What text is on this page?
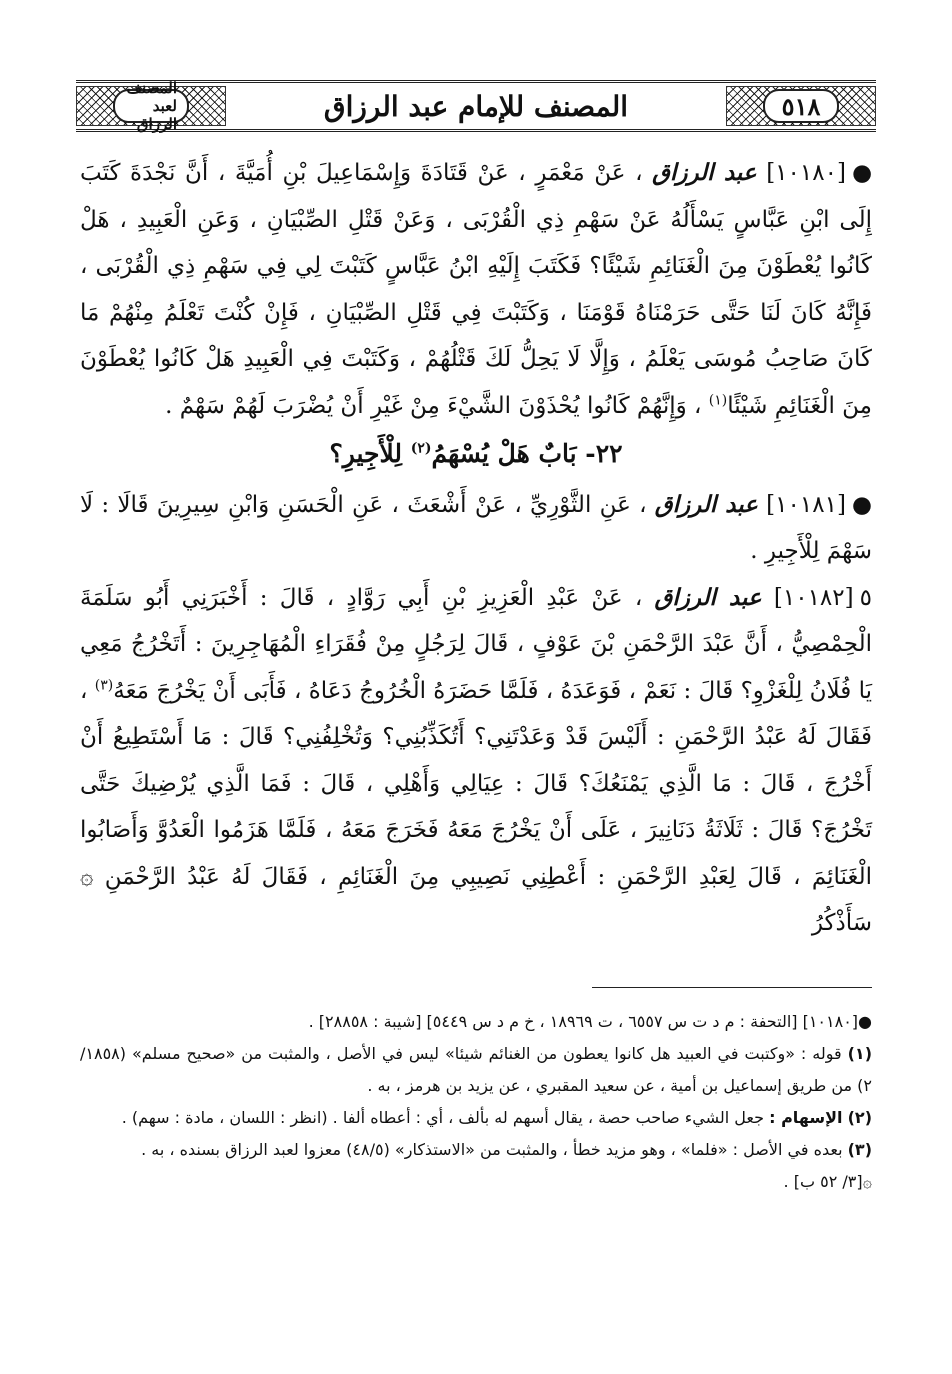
المصنف لعبد الرزاق
المصنف للإمام عبد الرزاق	٥١٨

●[١٠١٨٠] عبد الرزاق ، عَنْ مَعْمَرٍ ، عَنْ قَتَادَةَ وَإِسْمَاعِيلَ بْنِ أُمَيَّةَ ، أَنَّ نَجْدَةَ كَتَبَ إِلَى ابْنِ عَبَّاسٍ يَسْأَلُهُ عَنْ سَهْمِ ذِي الْقُرْبَى ، وَعَنْ قَتْلِ الصِّبْيَانِ ، وَعَنِ الْعَبِيدِ ، هَلْ كَانُوا يُعْطَوْنَ مِنَ الْغَنَائِمِ شَيْئًا؟ فَكَتَبَ إِلَيْهِ ابْنُ عَبَّاسٍ كَتَبْتَ لِي فِي سَهْمِ ذِي الْقُرْبَى ، فَإِنَّهُ كَانَ لَنَا حَتَّى حَرَمْنَاهُ قَوْمَنَا ، وَكَتَبْتَ فِي قَتْلِ الصِّبْيَانِ ، فَإِنْ كُنْتَ تَعْلَمُ مِنْهُمْ مَا كَانَ صَاحِبُ مُوسَى يَعْلَمُ ، وَإِلَّا لَا يَحِلُّ لَكَ قَتْلُهُمْ ، وَكَتَبْتَ فِي الْعَبِيدِ هَلْ كَانُوا يُعْطَوْنَ مِنَ الْغَنَائِمِ شَيْئًا$^{(١)}$ ، وَإِنَّهُمْ كَانُوا يُحْذَوْنَ الشَّيْءَ مِنْ غَيْرِ أَنْ يُضْرَبَ لَهُمْ سَهْمٌ .

٢٢- بَابٌ هَلْ يُسْهَمُ$^{(٢)}$ لِلْأَجِيرِ؟

●[١٠١٨١] عبد الرزاق ، عَنِ الثَّوْرِيِّ ، عَنْ أَشْعَثَ ، عَنِ الْحَسَنِ وَابْنِ سِيرِينَ قَالَا : لَا سَهْمَ لِلْأَجِيرِ .

٥[١٠١٨٢] عبد الرزاق ، عَنْ عَبْدِ الْعَزِيزِ بْنِ أَبِي رَوَّادٍ ، قَالَ : أَخْبَرَنِي أَبُو سَلَمَةَ الْحِمْصِيُّ ، أَنَّ عَبْدَ الرَّحْمَنِ بْنَ عَوْفٍ ، قَالَ لِرَجُلٍ مِنْ فُقَرَاءِ الْمُهَاجِرِينَ : أَتَخْرُجُ مَعِي يَا فُلَانُ لِلْغَزْوِ؟ قَالَ : نَعَمْ ، فَوَعَدَهُ ، فَلَمَّا حَضَرَهُ الْخُرُوجُ دَعَاهُ ، فَأَبَى أَنْ يَخْرُجَ مَعَهُ$^{(٣)}$ ، فَقَالَ لَهُ عَبْدُ الرَّحْمَنِ : أَلَيْسَ قَدْ وَعَدْتَنِي؟ أَتُكَذِّبُنِي؟ وَتُخْلِفُنِي؟ قَالَ : مَا أَسْتَطِيعُ أَنْ أَخْرُجَ ، قَالَ : مَا الَّذِي يَمْنَعُكَ؟ قَالَ : عِيَالِي وَأَهْلِي ، قَالَ : فَمَا الَّذِي يُرْضِيكَ حَتَّى تَخْرُجَ؟ قَالَ : ثَلَاثَةُ دَنَانِيرَ ، عَلَى أَنْ يَخْرُجَ مَعَهُ فَخَرَجَ مَعَهُ ، فَلَمَّا هَزَمُوا الْعَدُوَّ وَأَصَابُوا الْغَنَائِمَ ، قَالَ لِعَبْدِ الرَّحْمَنِ : أَعْطِنِي نَصِيبِي مِنَ الْغَنَائِمِ ، فَقَالَ لَهُ عَبْدُ الرَّحْمَنِ ۞ سَأَذْكُرُ

●[١٠١٨٠] [التحفة : م د ت س ٦٥٥٧ ، ت ١٨٩٦٩ ، خ م د س ٥٤٤٩] [شيبة : ٢٨٨٥٨] .

(١) قوله : «وكتبت في العبيد هل كانوا يعطون من الغنائم شيئا» ليس في الأصل ، والمثبت من «صحيح مسلم» (١٨٥٨/ ٢) من طريق إسماعيل بن أمية ، عن سعيد المقبري ، عن يزيد بن هرمز ، به .

(٢) الإسهام : جعل الشيء صاحب حصة ، يقال أسهم له بألف ، أي : أعطاه ألفا . (انظر : اللسان ، مادة : سهم) .

(٣) بعده في الأصل : «فلما» ، وهو مزيد خطأ ، والمثبت من «الاستذكار» (٤٨/٥) معزوا لعبد الرزاق بسنده ، به .

۞[٣/ ٥٢ ب] .
